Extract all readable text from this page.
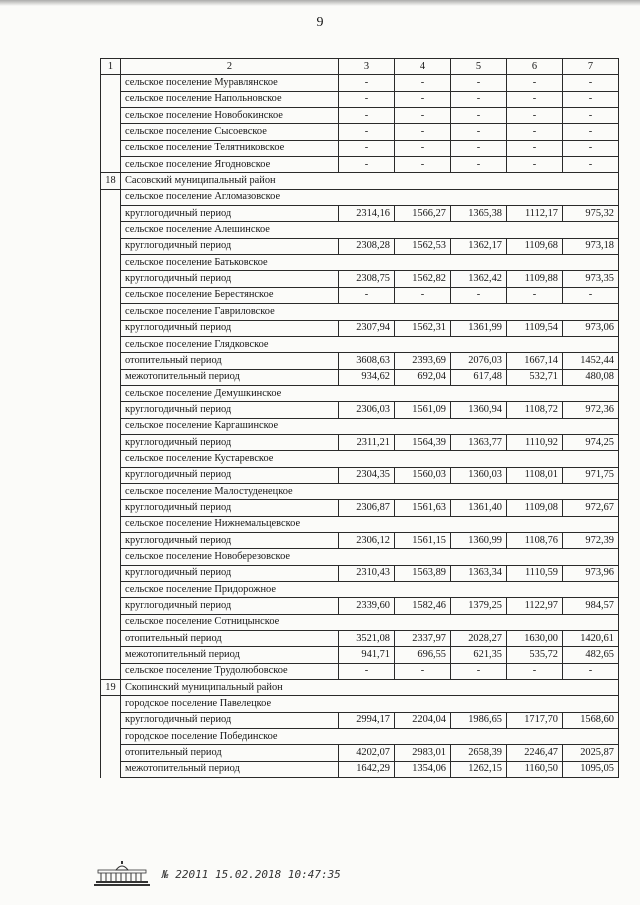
9
1	2	3	4	5	6	7
	сельское поселение Муравлянское	-	-	-	-	-
	сельское поселение Напольновское	-	-	-	-	-
	сельское поселение Новобокинское	-	-	-	-	-
	сельское поселение Сысоевское	-	-	-	-	-
	сельское поселение Телятниковское	-	-	-	-	-
	сельское поселение Ягодновское	-	-	-	-	-
18	Сасовский муниципальный район					
	сельское поселение Агломазовское					
	круглогодичный период	2314,16	1566,27	1365,38	1112,17	975,32
	сельское поселение Алешинское					
	круглогодичный период	2308,28	1562,53	1362,17	1109,68	973,18
	сельское поселение Батьковское					
	круглогодичный период	2308,75	1562,82	1362,42	1109,88	973,35
	сельское поселение Берестянское	-	-	-	-	-
	сельское поселение Гавриловское					
	круглогодичный период	2307,94	1562,31	1361,99	1109,54	973,06
	сельское поселение Глядковское					
	отопительный период	3608,63	2393,69	2076,03	1667,14	1452,44
	межотопительный период	934,62	692,04	617,48	532,71	480,08
	сельское поселение Демушкинское					
	круглогодичный период	2306,03	1561,09	1360,94	1108,72	972,36
	сельское поселение Каргашинское					
	круглогодичный период	2311,21	1564,39	1363,77	1110,92	974,25
	сельское поселение Кустаревское					
	круглогодичный период	2304,35	1560,03	1360,03	1108,01	971,75
	сельское поселение Малостуденецкое					
	круглогодичный период	2306,87	1561,63	1361,40	1109,08	972,67
	сельское поселение Нижнемальцевское					
	круглогодичный период	2306,12	1561,15	1360,99	1108,76	972,39
	сельское поселение Новоберезовское					
	круглогодичный период	2310,43	1563,89	1363,34	1110,59	973,96
	сельское поселение Придорожное					
	круглогодичный период	2339,60	1582,46	1379,25	1122,97	984,57
	сельское поселение Сотницынское					
	отопительный период	3521,08	2337,97	2028,27	1630,00	1420,61
	межотопительный период	941,71	696,55	621,35	535,72	482,65
	сельское поселение Трудолюбовское	-	-	-	-	-
19	Скопинский муниципальный район					
	городское поселение Павелецкое					
	круглогодичный период	2994,17	2204,04	1986,65	1717,70	1568,60
	городское поселение Побединское					
	отопительный период	4202,07	2983,01	2658,39	2246,47	2025,87
	межотопительный период	1642,29	1354,06	1262,15	1160,50	1095,05
№ 22011 15.02.2018 10:47:35
